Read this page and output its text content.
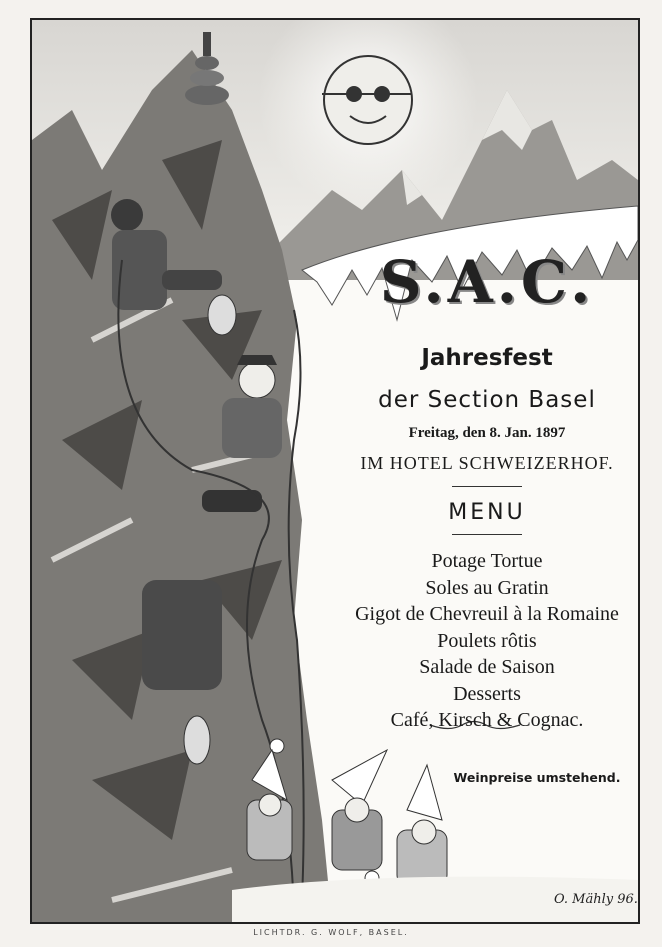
S.A.C.
Jahresfest
der Section Basel
Freitag, den 8. Jan. 1897
IM HOTEL SCHWEIZERHOF.
MENU
Potage Tortue
Soles au Gratin
Gigot de Chevreuil à la Romaine
Poulets rôtis
Salade de Saison
Desserts
Café, Kirsch & Cognac.
Weinpreise umstehend.
O. Mähly 96.
LICHTDR. G. WOLF, BASEL.
